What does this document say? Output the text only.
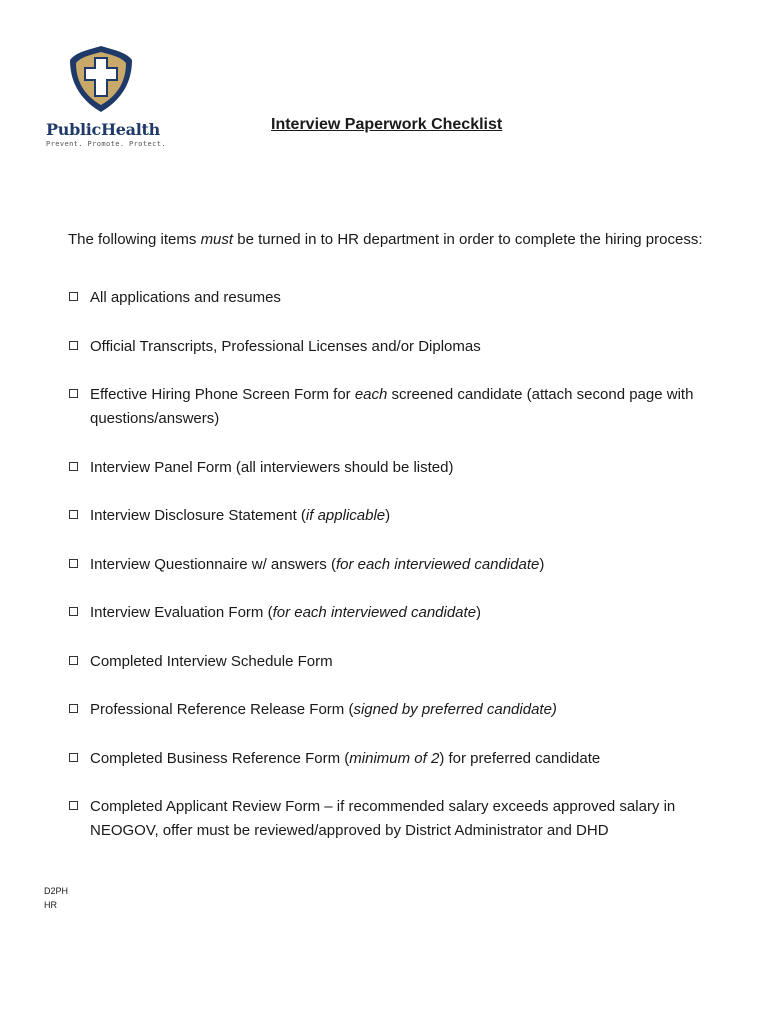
PublicHealth
Prevent. Promote. Protect.
Interview Paperwork Checklist
The following items must be turned in to HR department in order to complete the hiring process:
All applications and resumes
Official Transcripts, Professional Licenses and/or Diplomas
Effective Hiring Phone Screen Form for each screened candidate (attach second page with questions/answers)
Interview Panel Form (all interviewers should be listed)
Interview Disclosure Statement (if applicable)
Interview Questionnaire w/ answers (for each interviewed candidate)
Interview Evaluation Form (for each interviewed candidate)
Completed Interview Schedule Form
Professional Reference Release Form (signed by preferred candidate)
Completed Business Reference Form (minimum of 2) for preferred candidate
Completed Applicant Review Form – if recommended salary exceeds approved salary in NEOGOV, offer must be reviewed/approved by District Administrator and DHD
D2PH
HR
